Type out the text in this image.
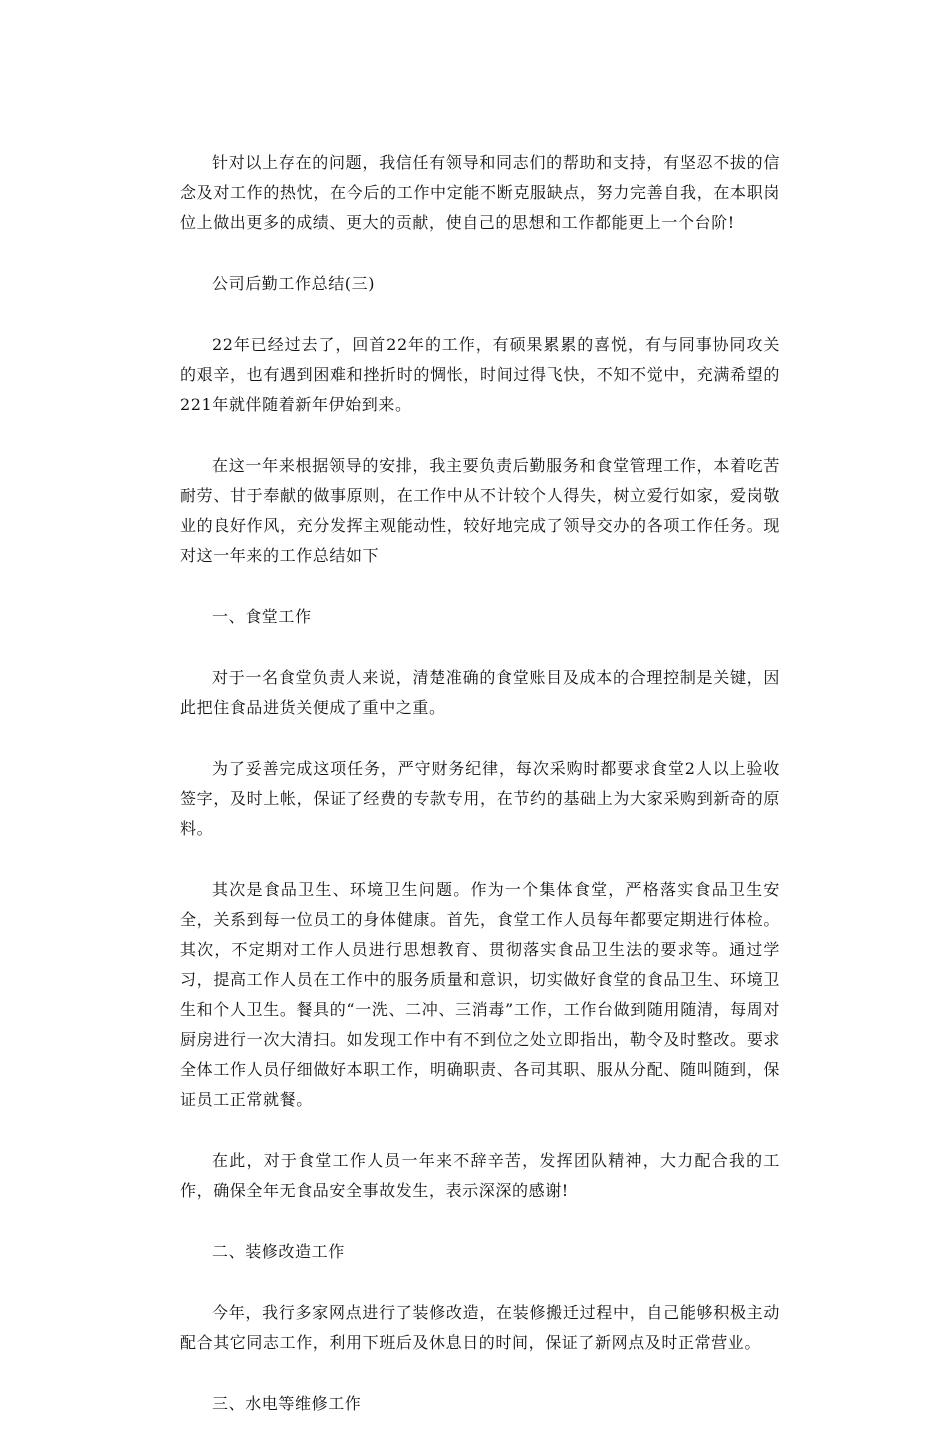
针对以上存在的问题，我信任有领导和同志们的帮助和支持，有坚忍不拔的信念及对工作的热忱，在今后的工作中定能不断克服缺点，努力完善自我，在本职岗位上做出更多的成绩、更大的贡献，使自己的思想和工作都能更上一个台阶!

公司后勤工作总结(三)

22年已经过去了，回首22年的工作，有硕果累累的喜悦，有与同事协同攻关的艰辛，也有遇到困难和挫折时的惆怅，时间过得飞快，不知不觉中，充满希望的221年就伴随着新年伊始到来。

在这一年来根据领导的安排，我主要负责后勤服务和食堂管理工作，本着吃苦耐劳、甘于奉献的做事原则，在工作中从不计较个人得失，树立爱行如家，爱岗敬业的良好作风，充分发挥主观能动性，较好地完成了领导交办的各项工作任务。现对这一年来的工作总结如下

一、食堂工作

对于一名食堂负责人来说，清楚准确的食堂账目及成本的合理控制是关键，因此把住食品进货关便成了重中之重。

为了妥善完成这项任务，严守财务纪律，每次采购时都要求食堂2人以上验收签字，及时上帐，保证了经费的专款专用，在节约的基础上为大家采购到新奇的原料。

其次是食品卫生、环境卫生问题。作为一个集体食堂，严格落实食品卫生安全，关系到每一位员工的身体健康。首先，食堂工作人员每年都要定期进行体检。其次，不定期对工作人员进行思想教育、贯彻落实食品卫生法的要求等。通过学习，提高工作人员在工作中的服务质量和意识，切实做好食堂的食品卫生、环境卫生和个人卫生。餐具的“一洗、二冲、三消毒”工作，工作台做到随用随清，每周对厨房进行一次大清扫。如发现工作中有不到位之处立即指出，勒令及时整改。要求全体工作人员仔细做好本职工作，明确职责、各司其职、服从分配、随叫随到，保证员工正常就餐。

在此，对于食堂工作人员一年来不辞辛苦，发挥团队精神，大力配合我的工作，确保全年无食品安全事故发生，表示深深的感谢!

二、装修改造工作

今年，我行多家网点进行了装修改造，在装修搬迁过程中，自己能够积极主动配合其它同志工作，利用下班后及休息日的时间，保证了新网点及时正常营业。

三、水电等维修工作
